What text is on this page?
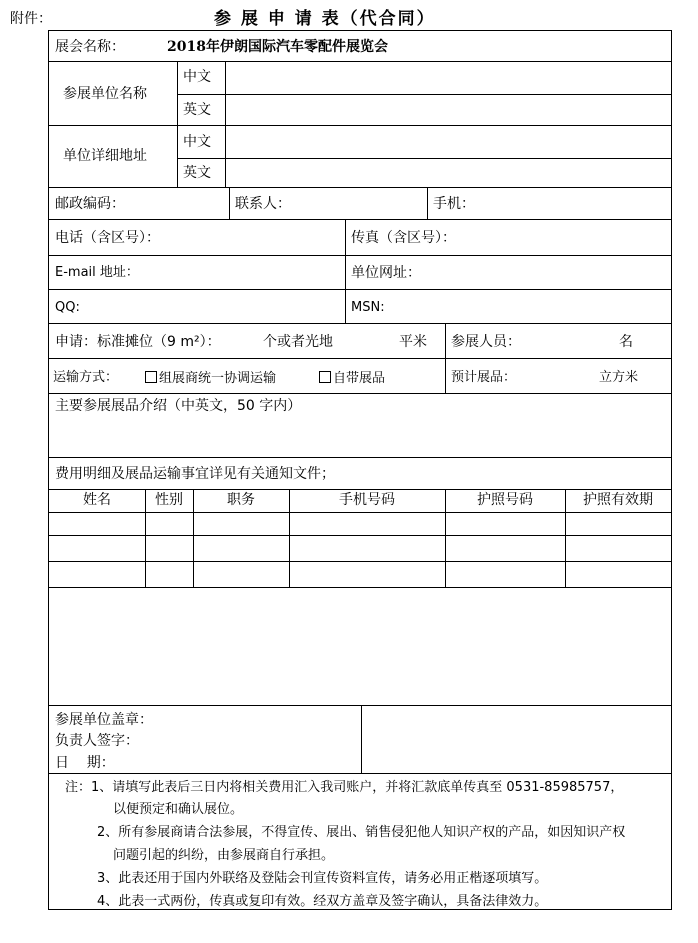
附件：	参 展 申 请 表（代合同）
展会名称：	2018年伊朗国际汽车零配件展览会
参展单位名称
中文
英文
单位详细地址
中文
英文
邮政编码：	联系人：	手机：
电话（含区号）：	传真（含区号）：
E-mail 地址：	单位网址：
QQ:	MSN:
申请：标准摊位（9 m²）：	个或者光地	平米 参展人员：	名
运输方式：	组展商统一协调运输	自带展品	预计展品：	立方米
主要参展展品介绍（中英文，50 字内）
费用明细及展品运输事宜详见有关通知文件；
姓名	性别	职务	手机号码	护照号码	护照有效期
参展单位盖章：
负责人签字：
日    期：
注：1、请填写此表后三日内将相关费用汇入我司账户，并将汇款底单传真至 0531-85985757，
以便预定和确认展位。
2、所有参展商请合法参展，不得宣传、展出、销售侵犯他人知识产权的产品，如因知识产权
问题引起的纠纷，由参展商自行承担。
3、此表还用于国内外联络及登陆会刊宣传资料宣传，请务必用正楷逐项填写。
4、此表一式两份，传真或复印有效。经双方盖章及签字确认，具备法律效力。
